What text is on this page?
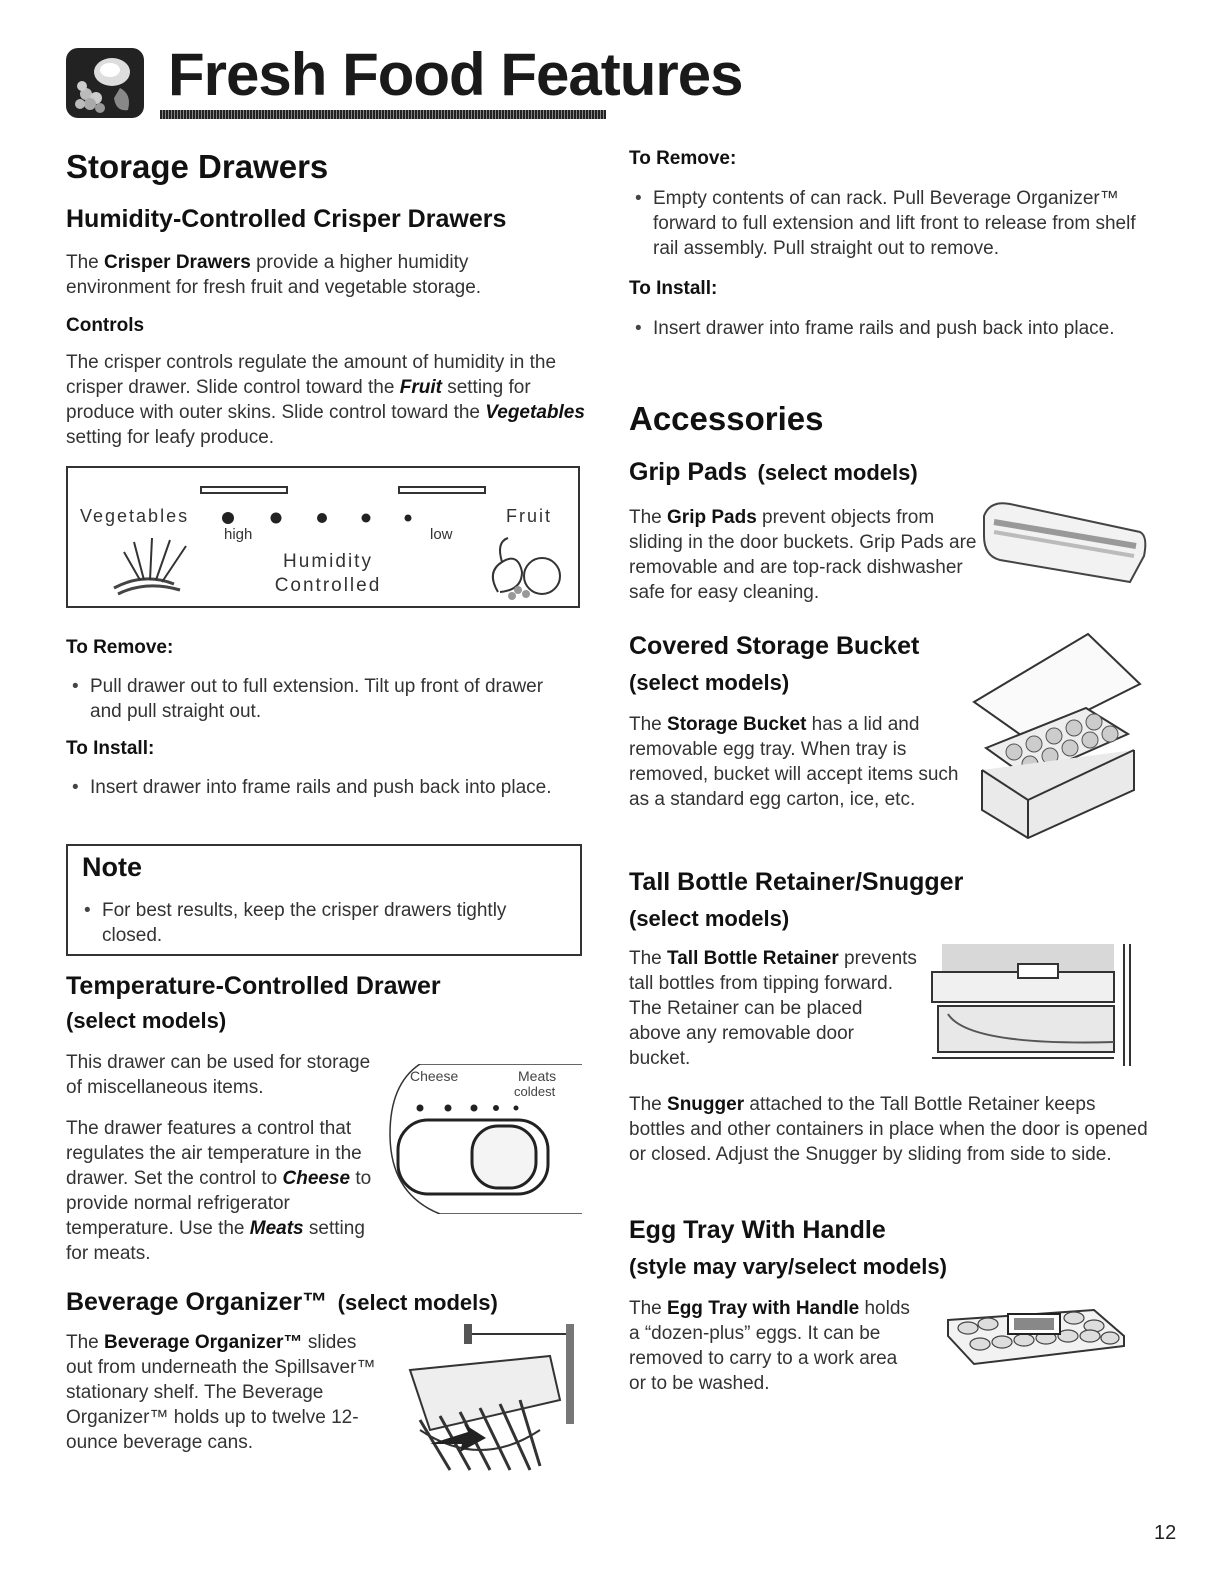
Fresh Food Features
Storage Drawers
Humidity-Controlled Crisper Drawers

The Crisper Drawers provide a higher humidity environment for fresh fruit and vegetable storage.

Controls

The crisper controls regulate the amount of humidity in the crisper drawer. Slide control toward the Fruit setting for produce with outer skins. Slide control toward the Vegetables setting for leafy produce.

Vegetables	Fruit
high	low
Humidity
Controlled
To Remove:
• Pull drawer out to full extension. Tilt up front of drawer and pull straight out.
To Install:
• Insert drawer into frame rails and push back into place.
Note
• For best results, keep the crisper drawers tightly closed.
Temperature-Controlled Drawer
(select models)

This drawer can be used for storage of miscellaneous items.

The drawer features a control that regulates the air temperature in the drawer. Set the control to Cheese to provide normal refrigerator temperature. Use the Meats setting for meats.

Cheese	Meats
coldest
Beverage Organizer™ (select models)

The Beverage Organizer™ slides out from underneath the Spillsaver™ stationary shelf. The Beverage Organizer™ holds up to twelve 12-ounce beverage cans.

To Remove:
• Empty contents of can rack. Pull Beverage Organizer™ forward to full extension and lift front to release from shelf rail assembly. Pull straight out to remove.
To Install:
• Insert drawer into frame rails and push back into place.
Accessories
Grip Pads (select models)

The Grip Pads prevent objects from sliding in the door buckets. Grip Pads are removable and are top-rack dishwasher safe for easy cleaning.

Covered Storage Bucket
(select models)

The Storage Bucket has a lid and removable egg tray. When tray is removed, bucket will accept items such as a standard egg carton, ice, etc.

Tall Bottle Retainer/Snugger
(select models)

The Tall Bottle Retainer prevents tall bottles from tipping forward. The Retainer can be placed above any removable door bucket.

The Snugger attached to the Tall Bottle Retainer keeps bottles and other containers in place when the door is opened or closed. Adjust the Snugger by sliding from side to side.

Egg Tray With Handle
(style may vary/select models)

The Egg Tray with Handle holds a “dozen-plus” eggs. It can be removed to carry to a work area or to be washed.

12
